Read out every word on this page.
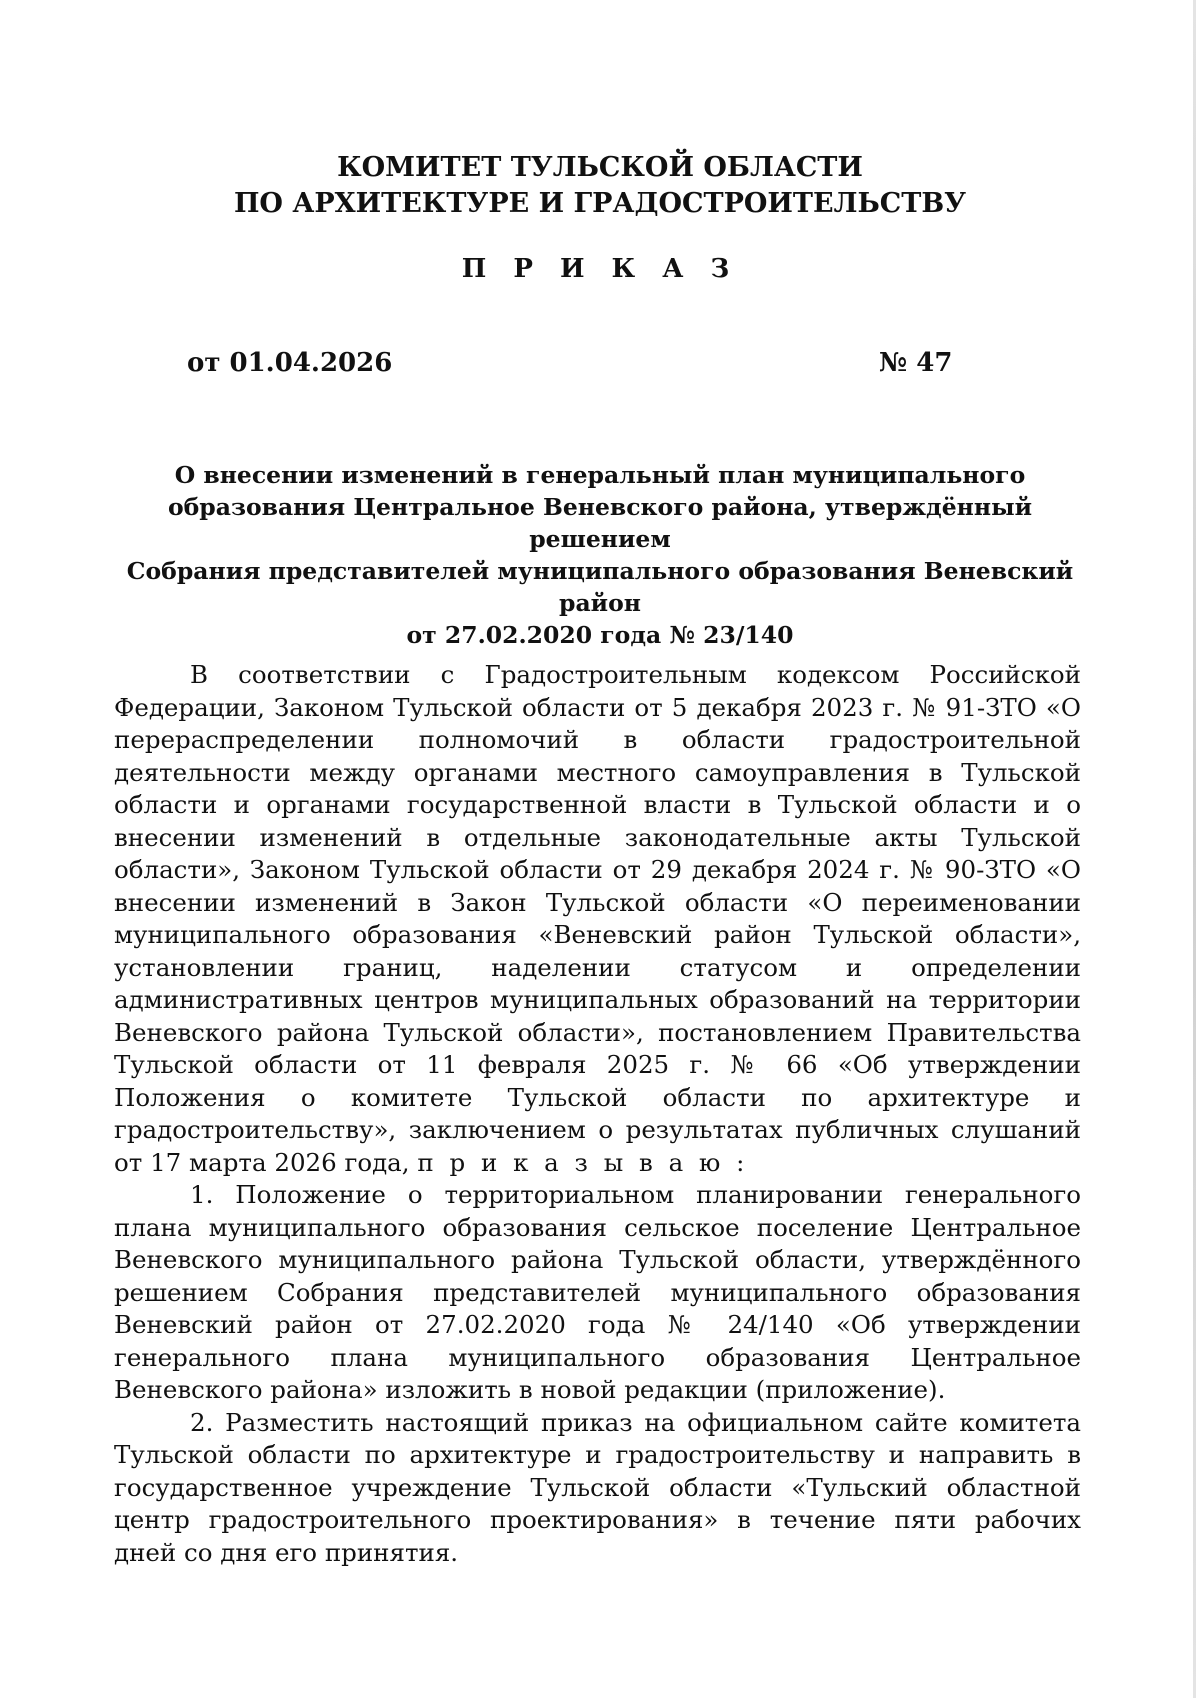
КОМИТЕТ ТУЛЬСКОЙ ОБЛАСТИ
ПО АРХИТЕКТУРЕ И ГРАДОСТРОИТЕЛЬСТВУ
П Р И К А З
от 01.04.2026	№ 47
О внесении изменений в генеральный план муниципального
образования Центральное Веневского района, утверждённый решением
Собрания представителей муниципального образования Веневский район
от 27.02.2020 года № 23/140

В соответствии с Градостроительным кодексом Российской Федерации, Законом Тульской области от 5 декабря 2023 г. № 91-ЗТО «О перераспределении полномочий в области градостроительной деятельности между органами местного самоуправления в Тульской области и органами государственной власти в Тульской области и о внесении изменений в отдельные законодательные акты Тульской области», Законом Тульской области от 29 декабря 2024 г. № 90-ЗТО «О внесении изменений в Закон Тульской области «О переименовании муниципального образования «Веневский район Тульской области», установлении границ, наделении статусом и определении административных центров муниципальных образований на территории Веневского района Тульской области», постановлением Правительства Тульской области от 11 февраля 2025 г. № 66 «Об утверждении Положения о комитете Тульской области по архитектуре и градостроительству», заключением о результатах публичных слушаний от 17 марта 2026 года, п р и к а з ы в а ю :

1. Положение о территориальном планировании генерального плана муниципального образования сельское поселение Центральное Веневского муниципального района Тульской области, утверждённого решением Собрания представителей муниципального образования Веневский район от 27.02.2020 года № 24/140 «Об утверждении генерального плана муниципального образования Центральное Веневского района» изложить в новой редакции (приложение).

2. Разместить настоящий приказ на официальном сайте комитета Тульской области по архитектуре и градостроительству и направить в государственное учреждение Тульской области «Тульский областной центр градостроительного проектирования» в течение пяти рабочих дней со дня его принятия.
